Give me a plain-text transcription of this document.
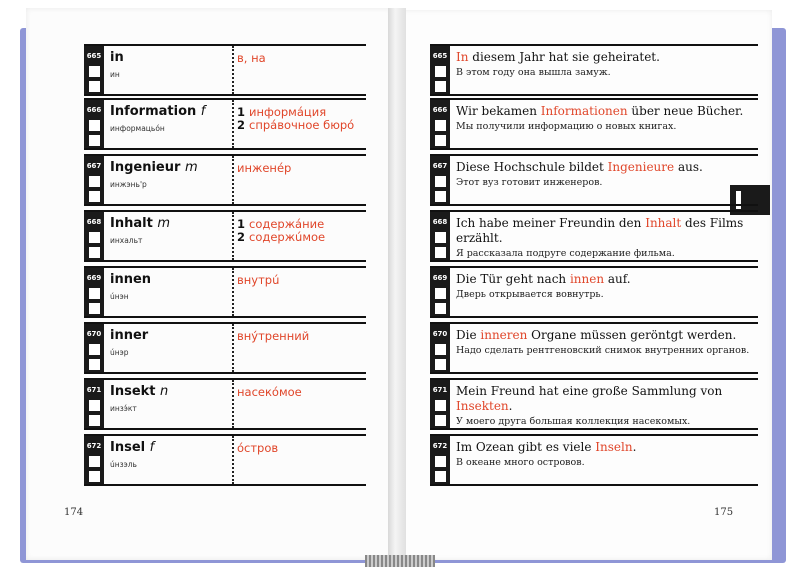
665 in
ин
в, на
666 Information f
информацьóн
1 информáция
2 спрáвочное бюрó
667 Ingenieur m
инжэнь'р
инженéр
668 Inhalt m
инхальт
1 содержáние
2 содержúмое
669 innen
úнэн
внутрú
670 inner
úнэр
внýтренний
671 Insekt n
инзэ́кт
насекóмое
672 Insel f
úнзэль
óстров
665 In diesem Jahr hat sie geheiratet.
В этом году она вышла замуж.
666 Wir bekamen Informationen über neue Bücher.
Мы получили информацию о новых книгах.
667 Diese Hochschule bildet Ingenieure aus.
Этот вуз готовит инженеров.
668 Ich habe meiner Freundin den Inhalt des Films erzählt.
Я рассказала подруге содержание фильма.
669 Die Tür geht nach innen auf.
Дверь открывается вовнутрь.
670 Die inneren Organe müssen geröntgt werden.
Надо сделать рентгеновский снимок внутренних органов.
671 Mein Freund hat eine große Sammlung von Insekten.
У моего друга большая коллекция насекомых.
672 Im Ozean gibt es viele Inseln.
В океане много островов.
174	175
